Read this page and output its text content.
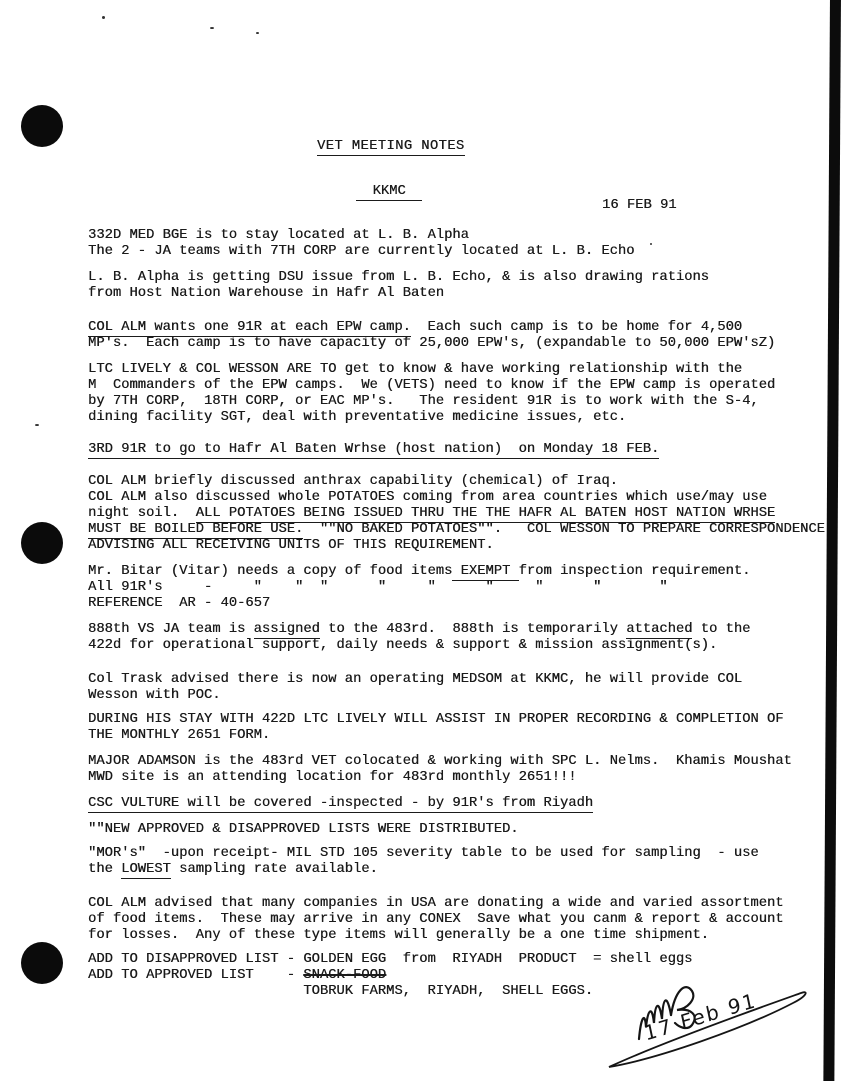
VET MEETING NOTES
KKMC
16 FEB 91
332D MED BGE is to stay located at L. B. Alpha
The 2 - JA teams with 7TH CORP are currently located at L. B. Echo
L. B. Alpha is getting DSU issue from L. B. Echo, & is also drawing rations
from Host Nation Warehouse in Hafr Al Baten
COL ALM wants one 91R at each EPW camp.  Each such camp is to be home for 4,500
MP's.  Each camp is to have capacity of 25,000 EPW's, (expandable to 50,000 EPW'sZ)
LTC LIVELY & COL WESSON ARE TO get to know & have working relationship with the
M  Commanders of the EPW camps.  We (VETS) need to know if the EPW camp is operated
by 7TH CORP,  18TH CORP, or EAC MP's.   The resident 91R is to work with the S-4,
dining facility SGT, deal with preventative medicine issues, etc.
3RD 91R to go to Hafr Al Baten Wrhse (host nation)  on Monday 18 FEB.
COL ALM briefly discussed anthrax capability (chemical) of Iraq.
COL ALM also discussed whole POTATOES coming from area countries which use/may use
night soil.  ALL POTATOES BEING ISSUED THRU THE THE HAFR AL BATEN HOST NATION WRHSE
MUST BE BOILED BEFORE USE.  ""NO BAKED POTATOES"".   COL WESSON TO PREPARE CORRESPONDENCE
ADVISING ALL RECEIVING UNITS OF THIS REQUIREMENT.
Mr. Bitar (Vitar) needs a copy of food items EXEMPT from inspection requirement.
All 91R's     -     "    "  "      "     "      "     "      "       "
REFERENCE  AR - 40-657
888th VS JA team is assigned to the 483rd.  888th is temporarily attached to the
422d for operational support, daily needs & support & mission assignment(s).
Col Trask advised there is now an operating MEDSOM at KKMC, he will provide COL
Wesson with POC.
DURING HIS STAY WITH 422D LTC LIVELY WILL ASSIST IN PROPER RECORDING & COMPLETION OF
THE MONTHLY 2651 FORM.
MAJOR ADAMSON is the 483rd VET colocated & working with SPC L. Nelms.  Khamis Moushat
MWD site is an attending location for 483rd monthly 2651!!!
CSC VULTURE will be covered -inspected - by 91R's from Riyadh
""NEW APPROVED & DISAPPROVED LISTS WERE DISTRIBUTED.
"MOR's"  -upon receipt- MIL STD 105 severity table to be used for sampling  - use
the LOWEST sampling rate available.
COL ALM advised that many companies in USA are donating a wide and varied assortment
of food items.  These may arrive in any CONEX  Save what you canm & report & account
for losses.  Any of these type items will generally be a one time shipment.
ADD TO DISAPPROVED LIST - GOLDEN EGG  from  RIYADH  PRODUCT  = shell eggs
ADD TO APPROVED LIST    - SNACK-FOOD
TOBRUK FARMS,  RIYADH,  SHELL EGGS.	17 Feb 91
